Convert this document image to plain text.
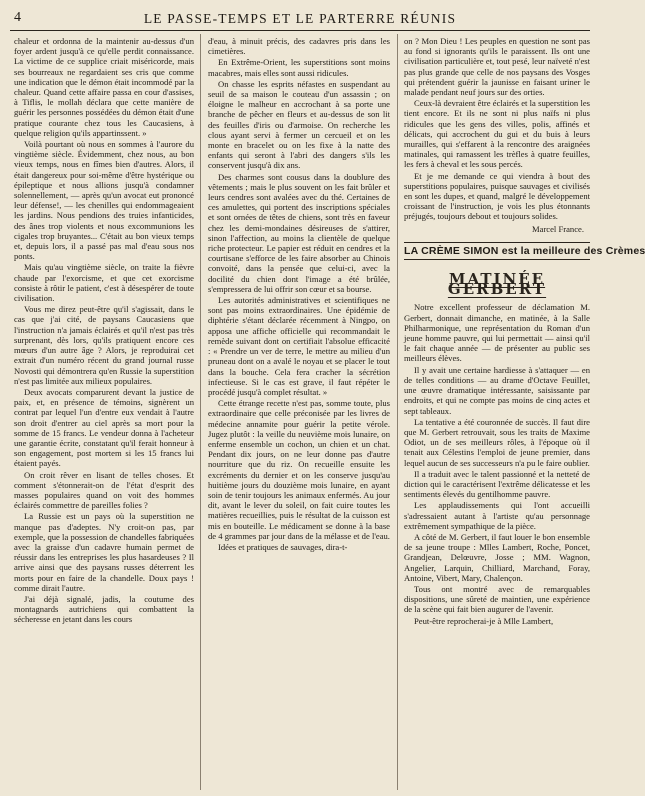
4	LE PASSE-TEMPS ET LE PARTERRE RÉUNIS

chaleur et ordonna de la maintenir au-dessus d'un foyer ardent jusqu'à ce qu'elle perdit connaissance. La victime de ce supplice criait miséricorde, mais ses bourreaux ne regardaient ses cris que comme une indication que le démon était incommodé par la chaleur. Quand cette affaire passa en cour d'assises, à Tiflis, le mollah déclara que cette manière de guérir les personnes possédées du démon était d'une pratique courante chez tous les Caucasiens, à quelque religion qu'ils appartinssent. »

Voilà pourtant où nous en sommes à l'aurore du vingtième siècle. Évidemment, chez nous, au bon vieux temps, nous en fîmes bien d'autres. Alors, il était dangereux pour soi-même d'être hystérique ou épileptique et nous allions jusqu'à condamner solennellement, — après qu'un avocat eut prononcé leur défense!, — les chenilles qui endommageaient les jardins. Nous pendions des truies infanticides, des ânes trop violents et nous excommunions les cigales trop bruyantes... C'était au bon vieux temps et, depuis lors, il a passé pas mal d'eau sous nos ponts.

Mais qu'au vingtième siècle, on traite la fièvre chaude par l'exorcisme, et que cet exorcisme consiste à rôtir le patient, c'est à désespérer de toute civilisation.

Vous me direz peut-être qu'il s'agissait, dans le cas que j'ai cité, de paysans Caucasiens que l'instruction n'a jamais éclairés et qu'il n'est pas très surprenant, dès lors, qu'ils pratiquent encore ces mœurs d'un autre âge ? Alors, je reproduirai cet extrait d'un numéro récent du grand journal russe Novosti qui démontrera qu'en Russie la superstition n'est pas limitée aux milieux populaires.

Deux avocats comparurent devant la justice de paix, et, en présence de témoins, signèrent un contrat par lequel l'un d'entre eux vendait à l'autre son droit d'entrer au ciel après sa mort pour la somme de 15 francs. Le vendeur donna à l'acheteur une garantie écrite, constatant qu'il ferait honneur à son engagement, post mortem si les 15 francs lui étaient payés.

On croit rêver en lisant de telles choses. Et comment s'étonnerait-on de l'état d'esprit des masses populaires quand on voit des hommes éclairés commettre de pareilles folies ?

La Russie est un pays où la superstition ne manque pas d'adeptes. N'y croit-on pas, par exemple, que la possession de chandelles fabriquées avec la graisse d'un cadavre humain permet de réussir dans les entreprises les plus hasardeuses ? Il arrive ainsi que des paysans russes déterrent les morts pour en faire de la chandelle. Doux pays ! comme dirait l'autre.

J'ai déjà signalé, jadis, la coutume des montagnards autrichiens qui combattent la sécheresse en jetant dans les cours

d'eau, à minuit précis, des cadavres pris dans les cimetières.

En Extrême-Orient, les superstitions sont moins macabres, mais elles sont aussi ridicules.

On chasse les esprits néfastes en suspendant au seuil de sa maison le couteau d'un assassin ; on éloigne le malheur en accrochant à sa porte une branche de pêcher en fleurs et au-dessus de son lit des feuilles d'iris ou d'armoise. On recherche les clous ayant servi à fermer un cercueil et on les monte en bracelet ou on les fixe à la natte des enfants qui seront à l'abri des dangers s'ils les conservent jusqu'à dix ans.

Des charmes sont cousus dans la doublure des vêtements ; mais le plus souvent on les fait brûler et leurs cendres sont avalées avec du thé. Certaines de ces amulettes, qui portent des inscriptions spéciales et sont ornées de têtes de chiens, sont très en faveur chez les demi-mondaines désireuses de s'attirer, sinon l'affection, au moins la clientèle de quelque riche protecteur. Le papier est réduit en cendres et la courtisane s'efforce de les faire absorber au Chinois convoité, dans la pensée que celui-ci, avec la docilité du chien dont l'image a été brûlée, s'empressera de lui offrir son cœur et sa bourse.

Les autorités administratives et scientifiques ne sont pas moins extraordinaires. Une épidémie de diphtérie s'étant déclarée récemment à Ningpo, on apposa une affiche officielle qui recommandait le remède suivant dont on certifiait l'absolue efficacité : « Prendre un ver de terre, le mettre au milieu d'un pruneau dont on a avalé le noyau et se placer le tout dans la bouche. Cela fera cracher la sécrétion infectieuse. Si le cas est grave, il faut répéter le procédé jusqu'à complet résultat. »

Cette étrange recette n'est pas, somme toute, plus extraordinaire que celle préconisée par les livres de médecine annamite pour guérir la petite vérole. Jugez plutôt : la veille du neuvième mois lunaire, on enferme ensemble un cochon, un chien et un chat. Pendant dix jours, on ne leur donne pas d'autre nourriture que du riz. On recueille ensuite les excréments du dernier et on les conserve jusqu'au huitième jours du douzième mois lunaire, en ayant soin de tenir toujours les animaux enfermés. Au jour dit, avant le lever du soleil, on fait cuire toutes les matières recueillies, puis le résultat de la cuisson est mis en bouteille. Le médicament se donne à la base de 4 grammes par jour dans de la mélasse et de l'eau.

Idées et pratiques de sauvages, dira-t-

on ? Mon Dieu ! Les peuples en question ne sont pas au fond si ignorants qu'ils le paraissent. Ils ont une civilisation particulière et, tout pesé, leur naïveté n'est pas plus grande que celle de nos paysans des Vosges qui prétendent guérir la jaunisse en faisant uriner le malade pendant neuf jours sur des orties.

Ceux-là devraient être éclairés et la superstition les tient encore. Et ils ne sont ni plus naïfs ni plus ridicules que les gens des villes, polis, affinés et délicats, qui accrochent du gui et du buis à leurs murailles, qui s'effarent à la rencontre des araignées matinales, qui ramassent les trèfles à quatre feuilles, les fers à cheval et les sous percés.

Et je me demande ce qui viendra à bout des superstitions populaires, puisque sauvages et civilisés en sont les dupes, et quand, malgré le développement croissant de l'instruction, je vois les plus étonnants préjugés, toujours debout et toujours solides.

Marcel France.
LA CRÈME SIMON est la meilleure des Crèmes
MATINÉE GERBERT

Notre excellent professeur de déclamation M. Gerbert, donnait dimanche, en matinée, à la Salle Philharmonique, une représentation du Roman d'un jeune homme pauvre, qui lui permettait — ainsi qu'il le fait chaque année — de présenter au public ses meilleurs élèves.

Il y avait une certaine hardiesse à s'attaquer — en de telles conditions — au drame d'Octave Feuillet, une œuvre dramatique intéressante, saisissante par endroits, et qui ne compte pas moins de cinq actes et sept tableaux.

La tentative a été couronnée de succès. Il faut dire que M. Gerbert retrouvait, sous les traits de Maxime Odiot, un de ses meilleurs rôles, à l'époque où il tenait aux Célestins l'emploi de jeune premier, dans lequel aucun de ses successeurs n'a pu le faire oublier.

Il a traduit avec le talent passionné et la netteté de diction qui le caractérisent l'extrême délicatesse et les sentiments élevés du gentilhomme pauvre.

Les applaudissements qui l'ont accueilli s'adressaient autant à l'artiste qu'au personnage extrêmement sympathique de la pièce.

A côté de M. Gerbert, il faut louer le bon ensemble de sa jeune troupe : Mlles Lambert, Roche, Poncet, Grandjean, Delœuvre, Josse ; MM. Wagnon, Angelier, Larquin, Chilliard, Marchand, Foray, Antoine, Vibert, Mary, Chalençon.

Tous ont montré avec de remarquables dispositions, une sûreté de maintien, une expérience de la scène qui fait bien augurer de l'avenir.

Peut-être reprocherai-je à Mlle Lambert,
